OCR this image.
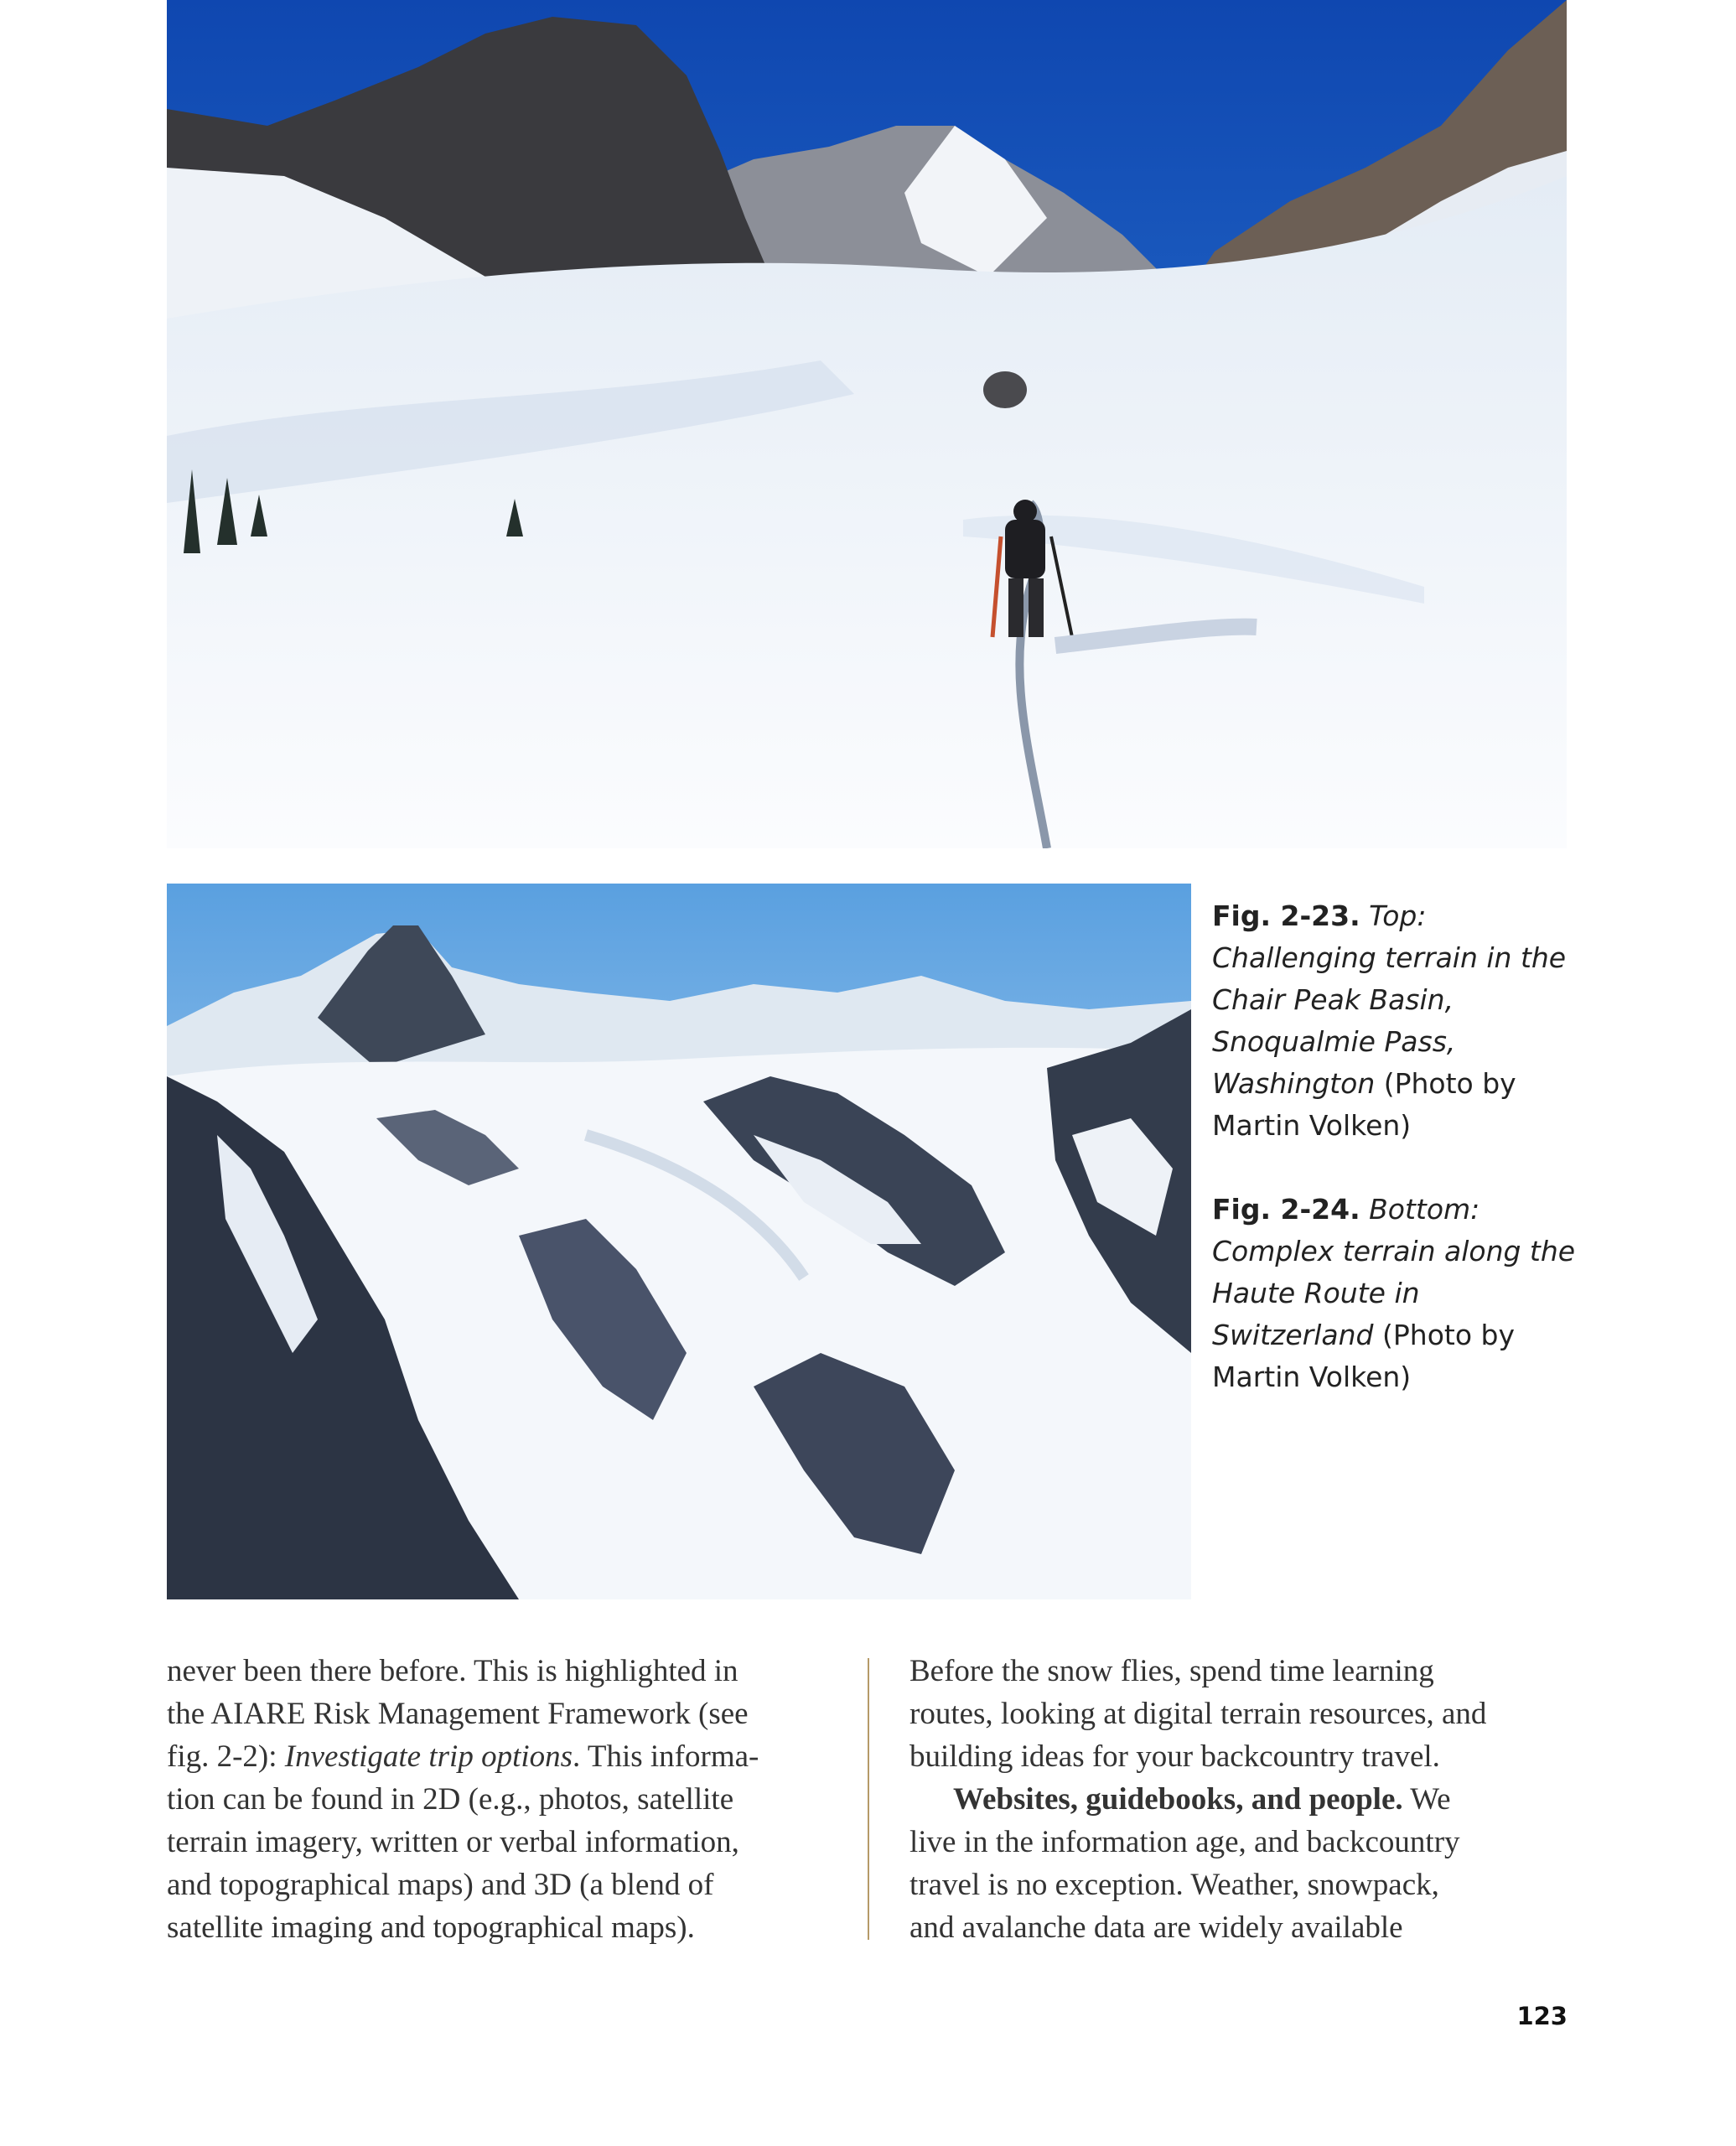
Fig. 2-23. Top: Challenging terrain in the Chair Peak Basin, Snoqualmie Pass, Washington (Photo by Martin Volken)

Fig. 2-24. Bottom: Complex terrain along the Haute Route in Switzerland (Photo by Martin Volken)

never been there before. This is highlighted in
the AIARE Risk Management Framework (see
fig. 2-2): Investigate trip options. This informa-
tion can be found in 2D (e.g., photos, satellite
terrain imagery, written or verbal information,
and topographical maps) and 3D (a blend of
satellite imaging and topographical maps).

Before the snow flies, spend time learning
routes, looking at digital terrain resources, and
building ideas for your backcountry travel.

Websites, guidebooks, and people. We
live in the information age, and backcountry
travel is no exception. Weather, snowpack,
and avalanche data are widely available

123
